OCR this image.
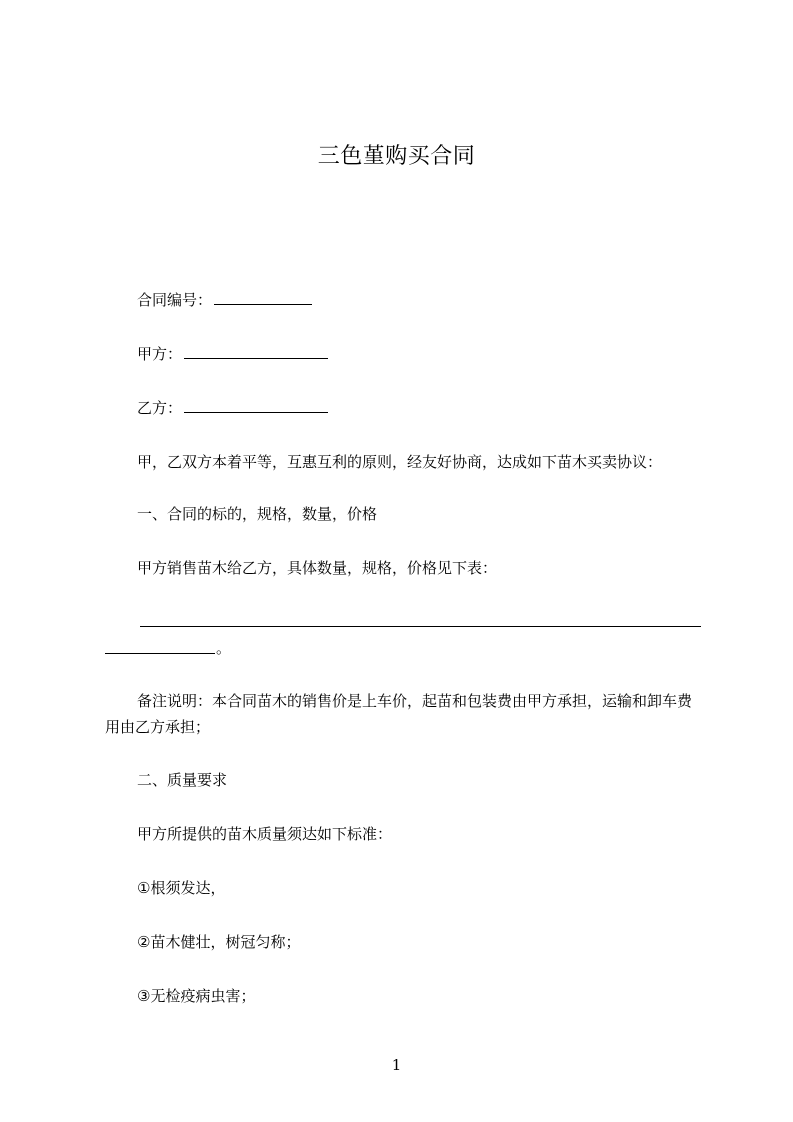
三色堇购买合同
合同编号：
甲方：
乙方：
甲，乙双方本着平等，互惠互利的原则，经友好协商，达成如下苗木买卖协议：
一、合同的标的，规格，数量，价格
甲方销售苗木给乙方，具体数量，规格，价格见下表：
。
备注说明：本合同苗木的销售价是上车价，起苗和包装费由甲方承担，运输和卸车费用由乙方承担；
二、质量要求
甲方所提供的苗木质量须达如下标准：
①根须发达，
②苗木健壮，树冠匀称；
③无检疫病虫害；
1
